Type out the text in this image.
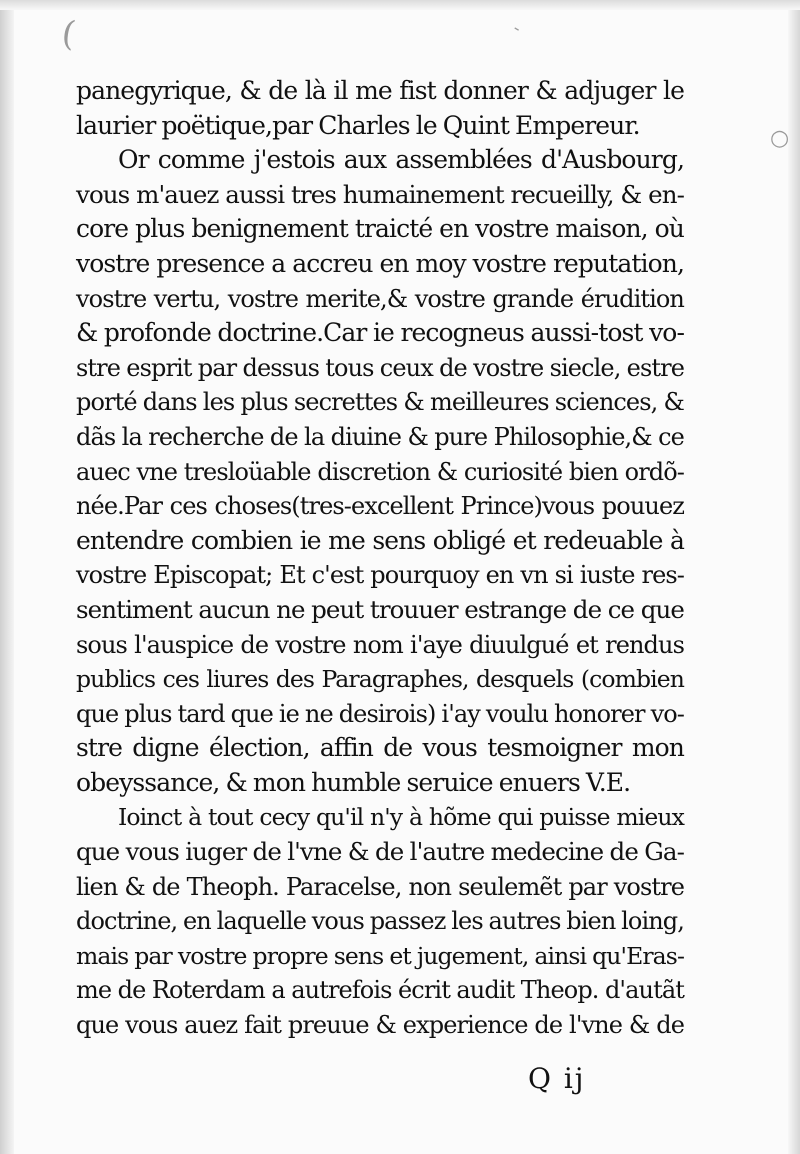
(
○
-
panegyrique, & de là il me fist donner & adjuger le
laurier poëtique,par Charles le Quint Empereur.
Or comme j'estois aux assemblées d'Ausbourg,
vous m'auez aussi tres humainement recueilly, & en-
core plus benignement traicté en vostre maison, où
vostre presence a accreu en moy vostre reputation,
vostre vertu, vostre merite,& vostre grande érudition
& profonde doctrine.Car ie recogneus aussi-tost vo-
stre esprit par dessus tous ceux de vostre siecle, estre
porté dans les plus secrettes & meilleures sciences, &
dãs la recherche de la diuine & pure Philosophie,& ce
auec vne tresloüable discretion & curiosité bien ordõ-
née.Par ces choses(tres-excellent Prince)vous pouuez
entendre combien ie me sens obligé et redeuable à
vostre Episcopat; Et c'est pourquoy en vn si iuste res-
sentiment aucun ne peut trouuer estrange de ce que
sous l'auspice de vostre nom i'aye diuulgué et rendus
publics ces liures des Paragraphes, desquels (combien
que plus tard que ie ne desirois) i'ay voulu honorer vo-
stre digne élection, affin de vous tesmoigner mon
obeyssance, & mon humble seruice enuers V.E.
Ioinct à tout cecy qu'il n'y à hõme qui puisse mieux
que vous iuger de l'vne & de l'autre medecine de Ga-
lien & de Theoph. Paracelse, non seulemẽt par vostre
doctrine, en laquelle vous passez les autres bien loing,
mais par vostre propre sens et jugement, ainsi qu'Eras-
me de Roterdam a autrefois écrit audit Theop. d'autãt
que vous auez fait preuue & experience de l'vne & de
Q ij
